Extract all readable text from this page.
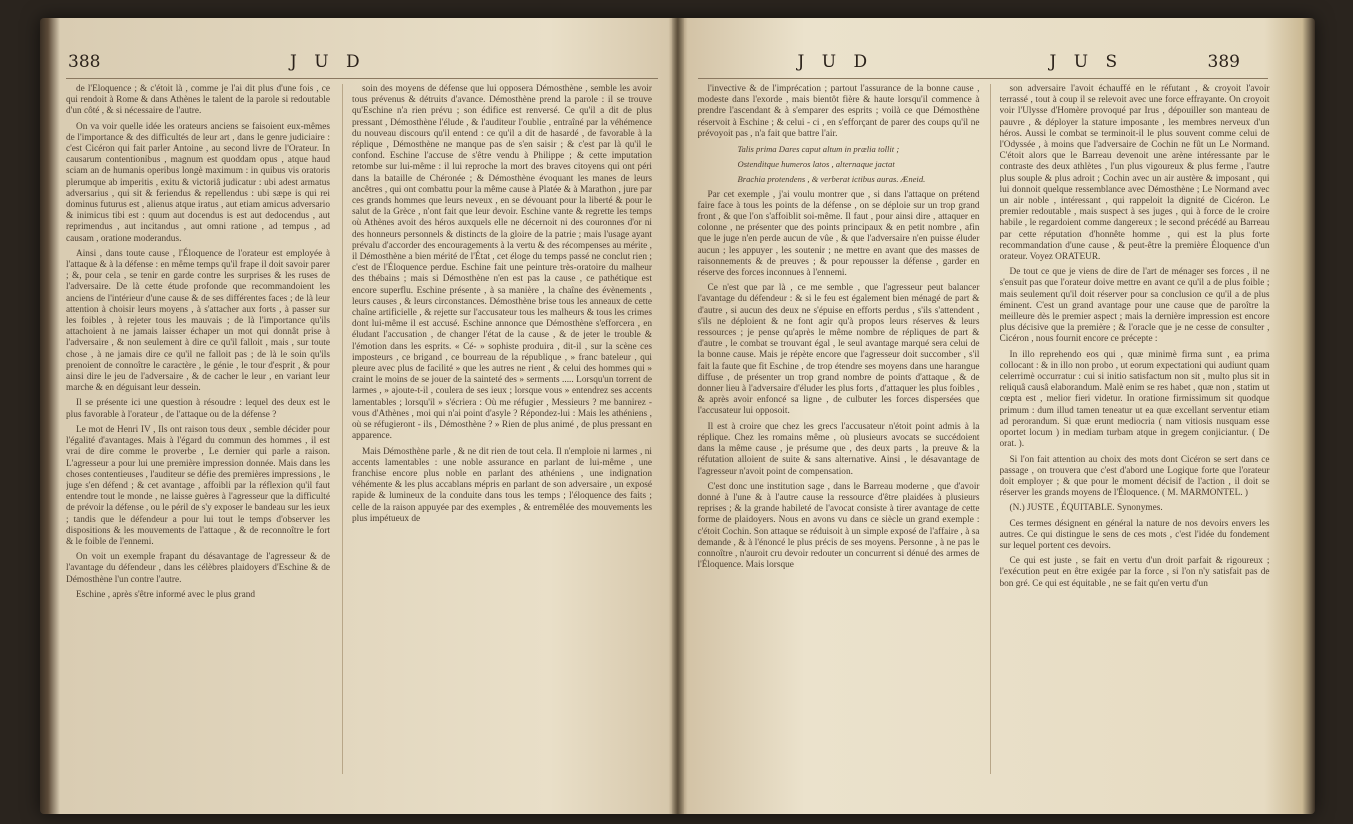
388	J U D

de l'Éloquence ; & c'étoit là , comme je l'ai dit plus d'une fois , ce qui rendoit à Rome & dans Athènes le talent de la parole si redoutable d'un côté , & si nécessaire de l'autre.

On va voir quelle idée les orateurs anciens se faisoient eux-mêmes de l'importance & des difficultés de leur art , dans le genre judiciaire : c'est Cicéron qui fait parler Antoine , au second livre de l'Orateur. In causarum contentionibus , magnum est quoddam opus , atque haud sciam an de humanis operibus longè maximum : in quibus vis oratoris plerumque ab imperitis , exitu & victoriâ judicatur : ubi adest armatus adversarius , qui sit & feriendus & repellendus : ubi sæpe is qui rei dominus futurus est , alienus atque iratus , aut etiam amicus adversario & inimicus tibi est : quum aut docendus is est aut dedocendus , aut reprimendus , aut incitandus , aut omni ratione , ad tempus , ad causam , oratione moderandus.

Ainsi , dans toute cause , l'Éloquence de l'orateur est employée à l'attaque & à la défense : en même temps qu'il frape il doit savoir parer ; &, pour cela , se tenir en garde contre les surprises & les ruses de l'adversaire. De là cette étude profonde que recommandoient les anciens de l'intérieur d'une cause & de ses différentes faces ; de là leur attention à choisir leurs moyens , à s'attacher aux forts , à passer sur les foibles , à rejeter tous les mauvais ; de là l'importance qu'ils attachoient à ne jamais laisser échaper un mot qui donnât prise à l'adversaire , & non seulement à dire ce qu'il falloit , mais , sur toute chose , à ne jamais dire ce qu'il ne falloit pas ; de là le soin qu'ils prenoient de connoître le caractère , le génie , le tour d'esprit , & pour ainsi dire le jeu de l'adversaire , & de cacher le leur , en variant leur marche & en déguisant leur dessein.

Il se présente ici une question à résoudre : lequel des deux est le plus favorable à l'orateur , de l'attaque ou de la défense ?

Le mot de Henri IV , Ils ont raison tous deux , semble décider pour l'égalité d'avantages. Mais à l'égard du commun des hommes , il est vrai de dire comme le proverbe , Le dernier qui parle a raison. L'agresseur a pour lui une première impression donnée. Mais dans les choses contentieuses , l'auditeur se défie des premières impressions , le juge s'en défend ; & cet avantage , affoibli par la réflexion qu'il faut entendre tout le monde , ne laisse guères à l'agresseur que la difficulté de prévoir la défense , ou le péril de s'y exposer le bandeau sur les ieux ; tandis que le défendeur a pour lui tout le temps d'observer les dispositions & les mouvements de l'attaque , & de reconnoître le fort & le foible de l'ennemi.

On voit un exemple frapant du désavantage de l'agresseur & de l'avantage du défendeur , dans les célèbres plaidoyers d'Eschine & de Démosthène l'un contre l'autre.

Eschine , après s'être informé avec le plus grand

soin des moyens de défense que lui opposera Démosthène , semble les avoir tous prévenus & détruits d'avance. Démosthène prend la parole : il se trouve qu'Eschine n'a rien prévu ; son édifice est renversé. Ce qu'il a dit de plus pressant , Démosthène l'élude , & l'auditeur l'oublie , entraîné par la véhémence du nouveau discours qu'il entend : ce qu'il a dit de hasardé , de favorable à la réplique , Démosthène ne manque pas de s'en saisir ; & c'est par là qu'il le confond. Eschine l'accuse de s'être vendu à Philippe ; & cette imputation retombe sur lui-même : il lui reproche la mort des braves citoyens qui ont péri dans la bataille de Chéronée ; & Démosthène évoquant les manes de leurs ancêtres , qui ont combattu pour la même cause à Platée & à Marathon , jure par ces grands hommes que leurs neveux , en se dévouant pour la liberté & pour le salut de la Grèce , n'ont fait que leur devoir. Eschine vante & regrette les temps où Athènes avoit des héros auxquels elle ne décernoit ni des couronnes d'or ni des honneurs personnels & distincts de la gloire de la patrie ; mais l'usage ayant prévalu d'accorder des encouragements à la vertu & des récompenses au mérite , il Démosthène a bien mérité de l'État , cet éloge du temps passé ne conclut rien ; c'est de l'Éloquence perdue. Eschine fait une peinture très-oratoire du malheur des thébains ; mais si Démosthène n'en est pas la cause , ce pathétique est encore superflu. Eschine présente , à sa manière , la chaîne des évènements , leurs causes , & leurs circonstances. Démosthène brise tous les anneaux de cette chaîne artificielle , & rejette sur l'accusateur tous les malheurs & tous les crimes dont lui-même il est accusé. Eschine annonce que Démosthène s'efforcera , en éludant l'accusation , de changer l'état de la cause , & de jeter le trouble & l'émotion dans les esprits. « Cé- » sophiste produira , dit-il , sur la scène ces imposteurs , ce brigand , ce bourreau de la république , » franc bateleur , qui pleure avec plus de facilité » que les autres ne rient , & celui des hommes qui » craint le moins de se jouer de la sainteté des » serments ..... Lorsqu'un torrent de larmes , » ajoute-t-il , coulera de ses ieux ; lorsque vous » entendrez ses accents lamentables ; lorsqu'il » s'écriera : Où me réfugier , Messieurs ? me bannirez - vous d'Athènes , moi qui n'ai point d'asyle ? Répondez-lui : Mais les athéniens , où se réfugieront - ils , Démosthène ? » Rien de plus animé , de plus pressant en apparence.

Mais Démosthène parle , & ne dit rien de tout cela. Il n'emploie ni larmes , ni accents lamentables : une noble assurance en parlant de lui-même , une franchise encore plus noble en parlant des athéniens , une indignation véhémente & les plus accablans mépris en parlant de son adversaire , un exposé rapide & lumineux de la conduite dans tous les temps ; l'éloquence des faits ; celle de la raison appuyée par des exemples , & entremêlée des mouvements les plus impétueux de

J U D	J U S	389

l'invective & de l'imprécation ; partout l'assurance de la bonne cause , modeste dans l'exorde , mais bientôt fière & haute lorsqu'il commence à prendre l'ascendant & à s'emparer des esprits ; voilà ce que Démosthène réservoit à Eschine ; & celui - ci , en s'efforçant de parer des coups qu'il ne prévoyoit pas , n'a fait que battre l'air.

Talis prima Dares caput altum in prælia tollit ;

Ostenditque humeros latos , alternaque jactat

Brachia protendens , & verberat ictibus auras. Æneid.

Par cet exemple , j'ai voulu montrer que , si dans l'attaque on prétend faire face à tous les points de la défense , on se déploie sur un trop grand front , & que l'on s'affoiblit soi-même. Il faut , pour ainsi dire , attaquer en colonne , ne présenter que des points principaux & en petit nombre , afin que le juge n'en perde aucun de vûe , & que l'adversaire n'en puisse éluder aucun ; les appuyer , les soutenir ; ne mettre en avant que des masses de raisonnements & de preuves ; & pour repousser la défense , garder en réserve des forces inconnues à l'ennemi.

Ce n'est que par là , ce me semble , que l'agresseur peut balancer l'avantage du défendeur : & si le feu est également bien ménagé de part & d'autre , si aucun des deux ne s'épuise en efforts perdus , s'ils s'attendent , s'ils ne déploient & ne font agir qu'à propos leurs réserves & leurs ressources ; je pense qu'après le même nombre de répliques de part & d'autre , le combat se trouvant égal , le seul avantage marqué sera celui de la bonne cause. Mais je répète encore que l'agresseur doit succomber , s'il fait la faute que fit Eschine , de trop étendre ses moyens dans une harangue diffuse , de présenter un trop grand nombre de points d'attaque , & de donner lieu à l'adversaire d'éluder les plus forts , d'attaquer les plus foibles , & après avoir enfoncé sa ligne , de culbuter les forces dispersées que l'accusateur lui opposoit.

Il est à croire que chez les grecs l'accusateur n'étoit point admis à la réplique. Chez les romains même , où plusieurs avocats se succédoient dans la même cause , je présume que , des deux parts , la preuve & la réfutation alloient de suite & sans alternative. Ainsi , le désavantage de l'agresseur n'avoit point de compensation.

C'est donc une institution sage , dans le Barreau moderne , que d'avoir donné à l'une & à l'autre cause la ressource d'être plaidées à plusieurs reprises ; & la grande habileté de l'avocat consiste à tirer avantage de cette forme de plaidoyers. Nous en avons vu dans ce siècle un grand exemple : c'étoit Cochin. Son attaque se réduisoit à un simple exposé de l'affaire , à sa demande , & à l'énoncé le plus précis de ses moyens. Personne , à ne pas le connoître , n'auroit cru devoir redouter un concurrent si dénué des armes de l'Éloquence. Mais lorsque

son adversaire l'avoit échauffé en le réfutant , & croyoit l'avoir terrassé , tout à coup il se relevoit avec une force effrayante. On croyoit voir l'Ulysse d'Homère provoqué par Irus , dépouiller son manteau de pauvre , & déployer la stature imposante , les membres nerveux d'un héros. Aussi le combat se terminoit-il le plus souvent comme celui de l'Odyssée , à moins que l'adversaire de Cochin ne fût un Le Normand. C'étoit alors que le Barreau devenoit une arène intéressante par le contraste des deux athlètes , l'un plus vigoureux & plus ferme , l'autre plus souple & plus adroit ; Cochin avec un air austère & imposant , qui lui donnoit quelque ressemblance avec Démosthène ; Le Normand avec un air noble , intéressant , qui rappeloit la dignité de Cicéron. Le premier redoutable , mais suspect à ses juges , qui à force de le croire habile , le regardoient comme dangereux ; le second précédé au Barreau par cette réputation d'honnête homme , qui est la plus forte recommandation d'une cause , & peut-être la première Éloquence d'un orateur. Voyez ORATEUR.

De tout ce que je viens de dire de l'art de ménager ses forces , il ne s'ensuit pas que l'orateur doive mettre en avant ce qu'il a de plus foible ; mais seulement qu'il doit réserver pour sa conclusion ce qu'il a de plus éminent. C'est un grand avantage pour une cause que de paroître la meilleure dès le premier aspect ; mais la dernière impression est encore plus décisive que la première ; & l'oracle que je ne cesse de consulter , Cicéron , nous fournit encore ce précepte :

In illo reprehendo eos qui , quæ minimè firma sunt , ea prima collocant : & in illo non probo , ut eorum expectationi qui audiunt quam celerrimè occurratur : cui si initio satisfactum non sit , multo plus sit in reliquâ causâ elaborandum. Malè enim se res habet , quæ non , statim ut cœpta est , melior fieri videtur. In oratione firmissimum sit quodque primum : dum illud tamen teneatur ut ea quæ excellant serventur etiam ad perorandum. Si quæ erunt mediocria ( nam vitiosis nusquam esse oportet locum ) in mediam turbam atque in gregem conjiciantur. ( De orat. ).

Si l'on fait attention au choix des mots dont Cicéron se sert dans ce passage , on trouvera que c'est d'abord une Logique forte que l'orateur doit employer ; & que pour le moment décisif de l'action , il doit se réserver les grands moyens de l'Éloquence. ( M. MARMONTEL. )

(N.) JUSTE , ÉQUITABLE. Synonymes.

Ces termes désignent en général la nature de nos devoirs envers les autres. Ce qui distingue le sens de ces mots , c'est l'idée du fondement sur lequel portent ces devoirs.

Ce qui est juste , se fait en vertu d'un droit parfait & rigoureux ; l'exécution peut en être exigée par la force , si l'on n'y satisfait pas de bon gré. Ce qui est équitable , ne se fait qu'en vertu d'un
